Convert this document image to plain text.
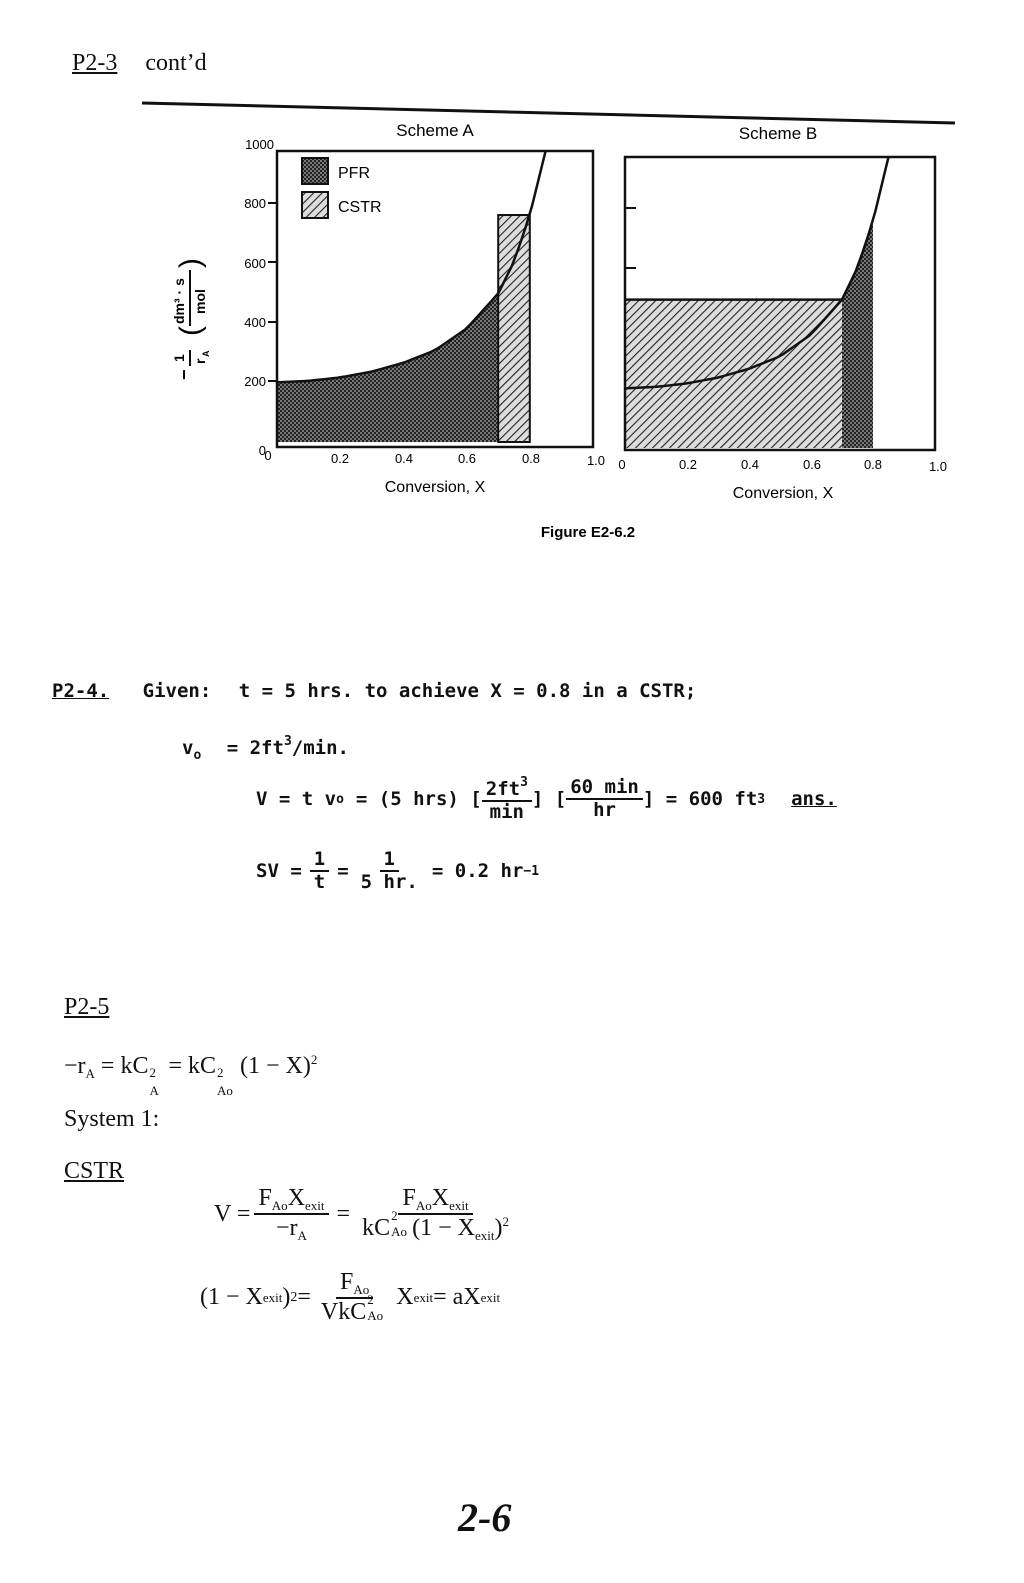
P2-3 cont’d
−
1 r
A
(
dm³ · s mol
)
Scheme A
PFR
CSTR
0
200
400
600
800
1000
0	0.2	0.4	0.6	0.8	1.0
Conversion, X
Scheme B
0	0.2	0.4	0.6	0.8	1.0
Conversion, X
Figure E2-6.2
P2-4. Given: t = 5 hrs. to achieve X = 0.8 in a CSTR;
$v_o = 2ft^3/\min$.
V = t v o = (5 hrs) [ $\frac{2ft^3}{\min}$ ] [ $\frac{60 \min}{hr}$ ] = 600 ft 3 ans.
SV = $\frac{1}{t} = \frac{1}{5 hr.} = 0.2$ hr −1
P2-5
$-r_A$ = kC 2
A
= kC 2
Ao
$(1 - X)^2$
System 1:
CSTR
$V = \frac{F_{Ao}X_{exit}}{-r_A} = F_{Ao}X_{exit}$
kC 2
Ao $(1 - X_{exit})^2$
(1 − X exit ) $2 = F_{Ao}$
VkC 2
Ao
X exit = aX exit
2-6
